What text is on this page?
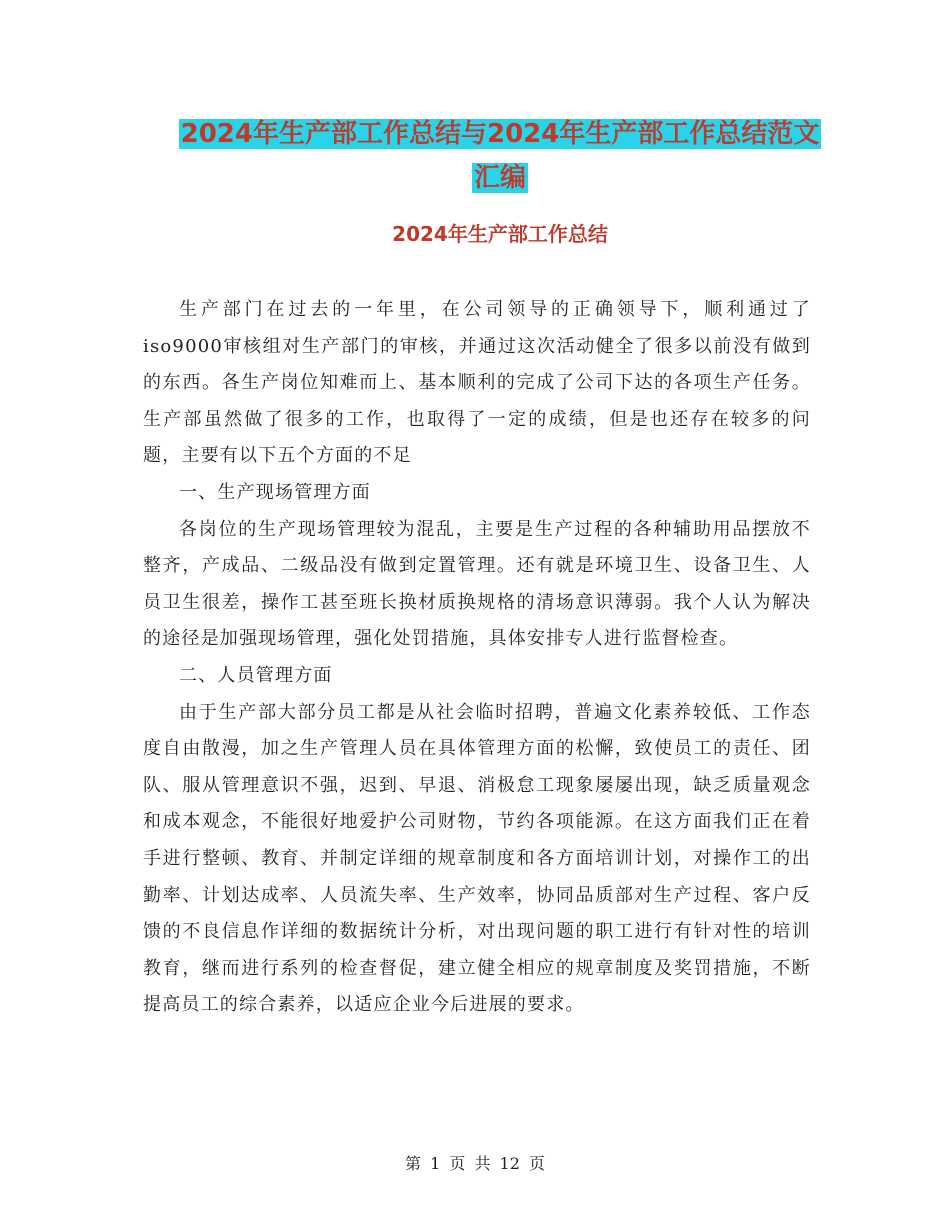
2024年生产部工作总结与2024年生产部工作总结范文
汇编
2024年生产部工作总结

生产部门在过去的一年里，在公司领导的正确领导下，顺利通过了iso9000审核组对生产部门的审核，并通过这次活动健全了很多以前没有做到的东西。各生产岗位知难而上、基本顺利的完成了公司下达的各项生产任务。生产部虽然做了很多的工作，也取得了一定的成绩，但是也还存在较多的问题，主要有以下五个方面的不足

一、生产现场管理方面

各岗位的生产现场管理较为混乱，主要是生产过程的各种辅助用品摆放不整齐，产成品、二级品没有做到定置管理。还有就是环境卫生、设备卫生、人员卫生很差，操作工甚至班长换材质换规格的清场意识薄弱。我个人认为解决的途径是加强现场管理，强化处罚措施，具体安排专人进行监督检查。

二、人员管理方面

由于生产部大部分员工都是从社会临时招聘，普遍文化素养较低、工作态度自由散漫，加之生产管理人员在具体管理方面的松懈，致使员工的责任、团队、服从管理意识不强，迟到、早退、消极怠工现象屡屡出现，缺乏质量观念和成本观念，不能很好地爱护公司财物，节约各项能源。在这方面我们正在着手进行整顿、教育、并制定详细的规章制度和各方面培训计划，对操作工的出勤率、计划达成率、人员流失率、生产效率，协同品质部对生产过程、客户反馈的不良信息作详细的数据统计分析，对出现问题的职工进行有针对性的培训教育，继而进行系列的检查督促，建立健全相应的规章制度及奖罚措施，不断提高员工的综合素养，以适应企业今后进展的要求。

第 1 页 共 12 页
